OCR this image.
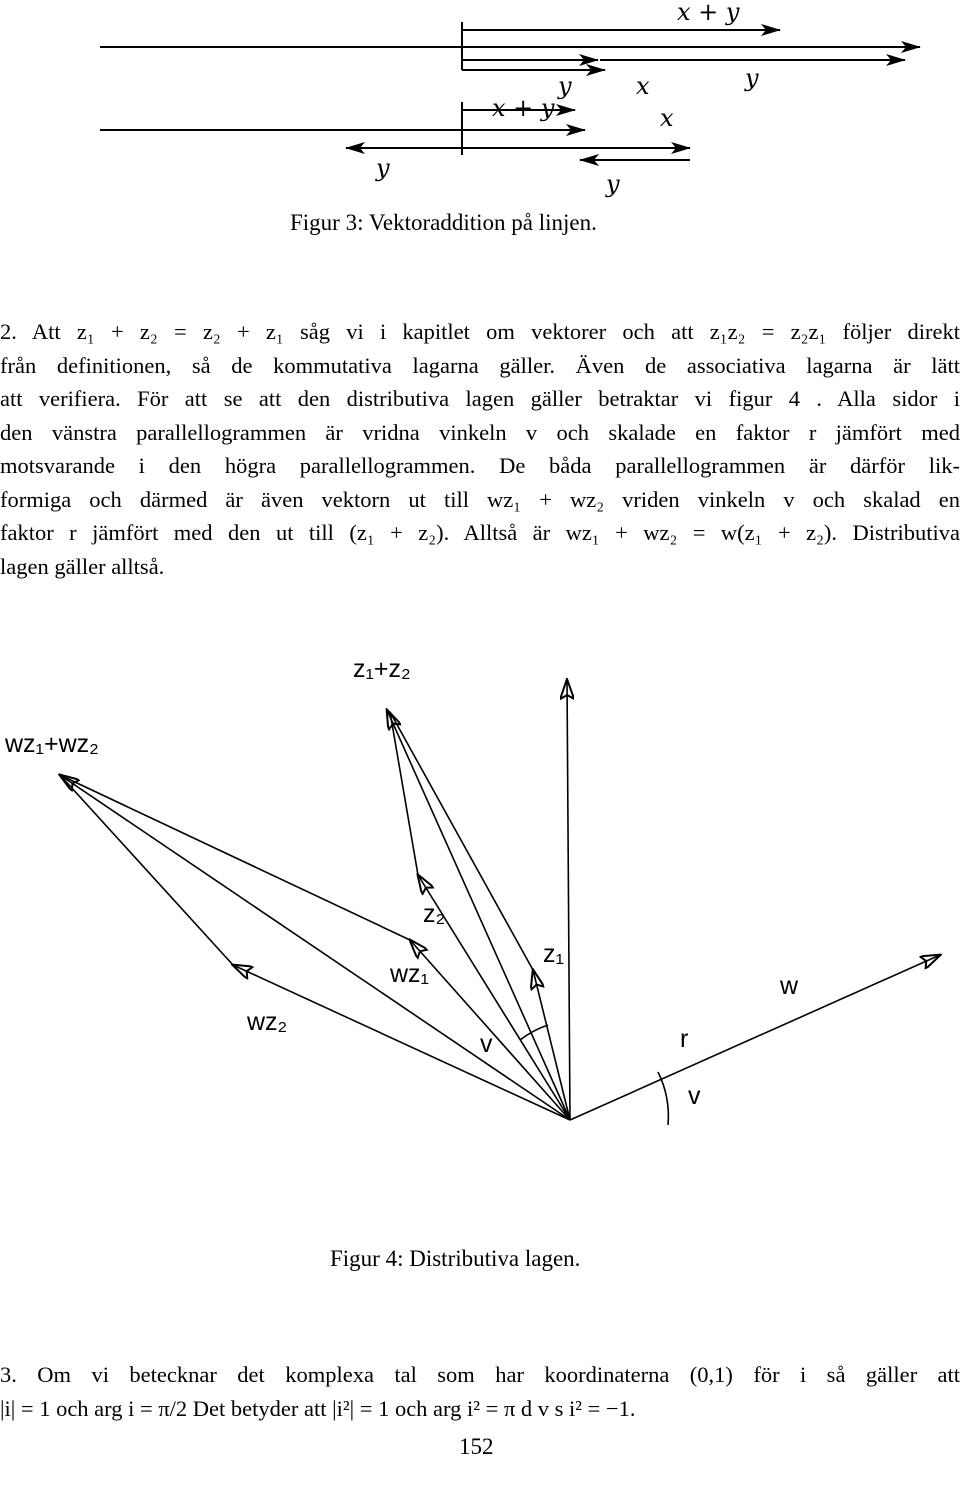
x + y
y
y	x
x + y	x
y
y
Figur 3: Vektoraddition på linjen.
2. Att z₁ + z₂ = z₂ + z₁ såg vi i kapitlet om vektorer och att z₁z₂ = z₂z₁ följer direkt
från definitionen, så de kommutativa lagarna gäller. Även de associativa lagarna är lätt
att verifiera. För att se att den distributiva lagen gäller betraktar vi figur 4 . Alla sidor i
den vänstra parallellogrammen är vridna vinkeln v och skalade en faktor r jämfört med
motsvarande i den högra parallellogrammen. De båda parallellogrammen är därför lik-
formiga och därmed är även vektorn ut till wz₁ + wz₂ vriden vinkeln v och skalad en
faktor r jämfört med den ut till (z₁ + z₂). Alltså är wz₁ + wz₂ = w(z₁ + z₂). Distributiva
lagen gäller alltså.
z₁+z₂
wz₁+wz₂
z₂
z₁
wz₁
wz₂
w
r
v
v
Figur 4: Distributiva lagen.
3. Om vi betecknar det komplexa tal som har koordinaterna (0,1) för i så gäller att
|i| = 1 och arg i = π/2 Det betyder att |i²| = 1 och arg i² = π d v s i² = −1.
152
